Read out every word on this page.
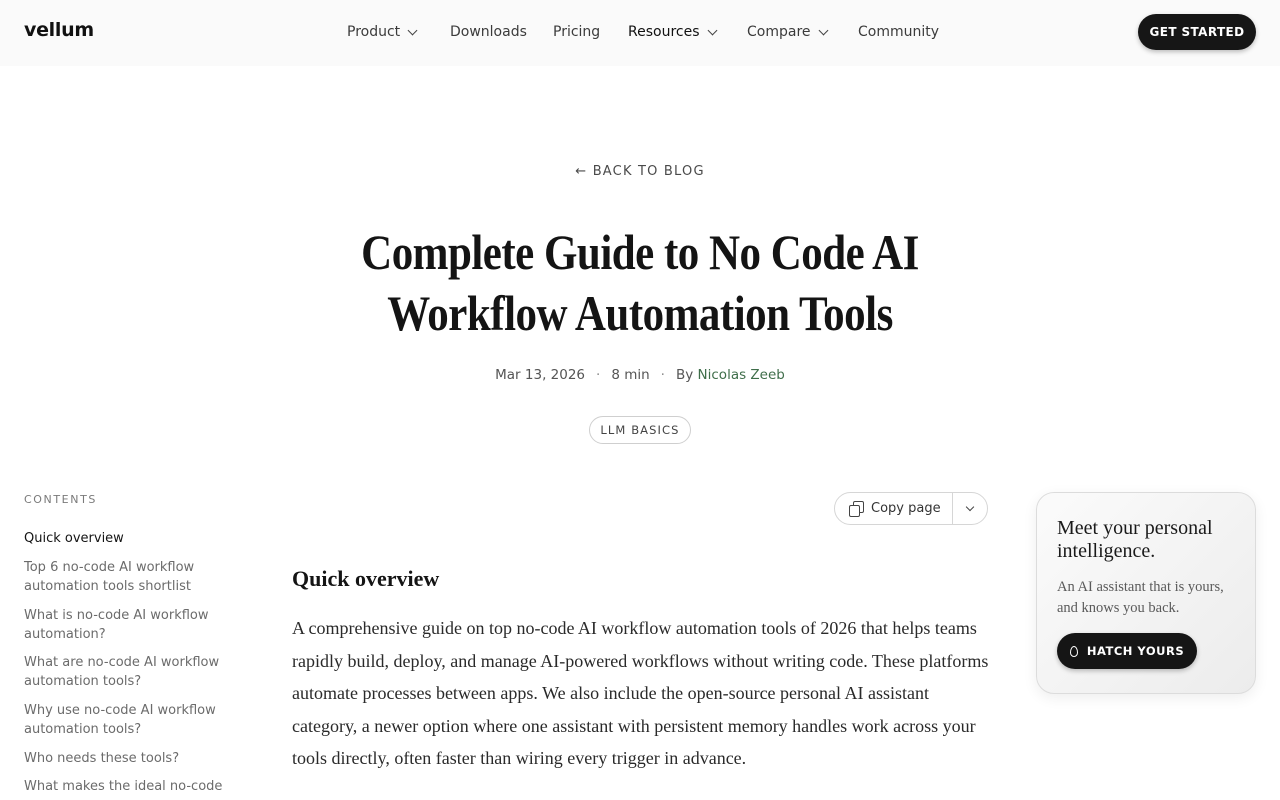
vellum	Product	Downloads Pricing Resources	Compare	Community	GET STARTED
← BACK TO BLOG
Complete Guide to No Code AI Workflow Automation Tools
Mar 13, 2026 · 8 min · By Nicolas Zeeb
LLM BASICS
CONTENTS
Quick overview
Top 6 no-code AI workflow automation tools shortlist
What is no-code AI workflow automation?
What are no-code AI workflow automation tools?
Why use no-code AI workflow automation tools?
Who needs these tools?
What makes the ideal no-code
Copy page
Quick overview

A comprehensive guide on top no-code AI workflow automation tools of 2026 that helps teams rapidly build, deploy, and manage AI-powered workflows without writing code. These platforms automate processes between apps. We also include the open-source personal AI assistant category, a newer option where one assistant with persistent memory handles work across your tools directly, often faster than wiring every trigger in advance.

Meet your personal intelligence.
An AI assistant that is yours, and knows you back.
HATCH YOURS
